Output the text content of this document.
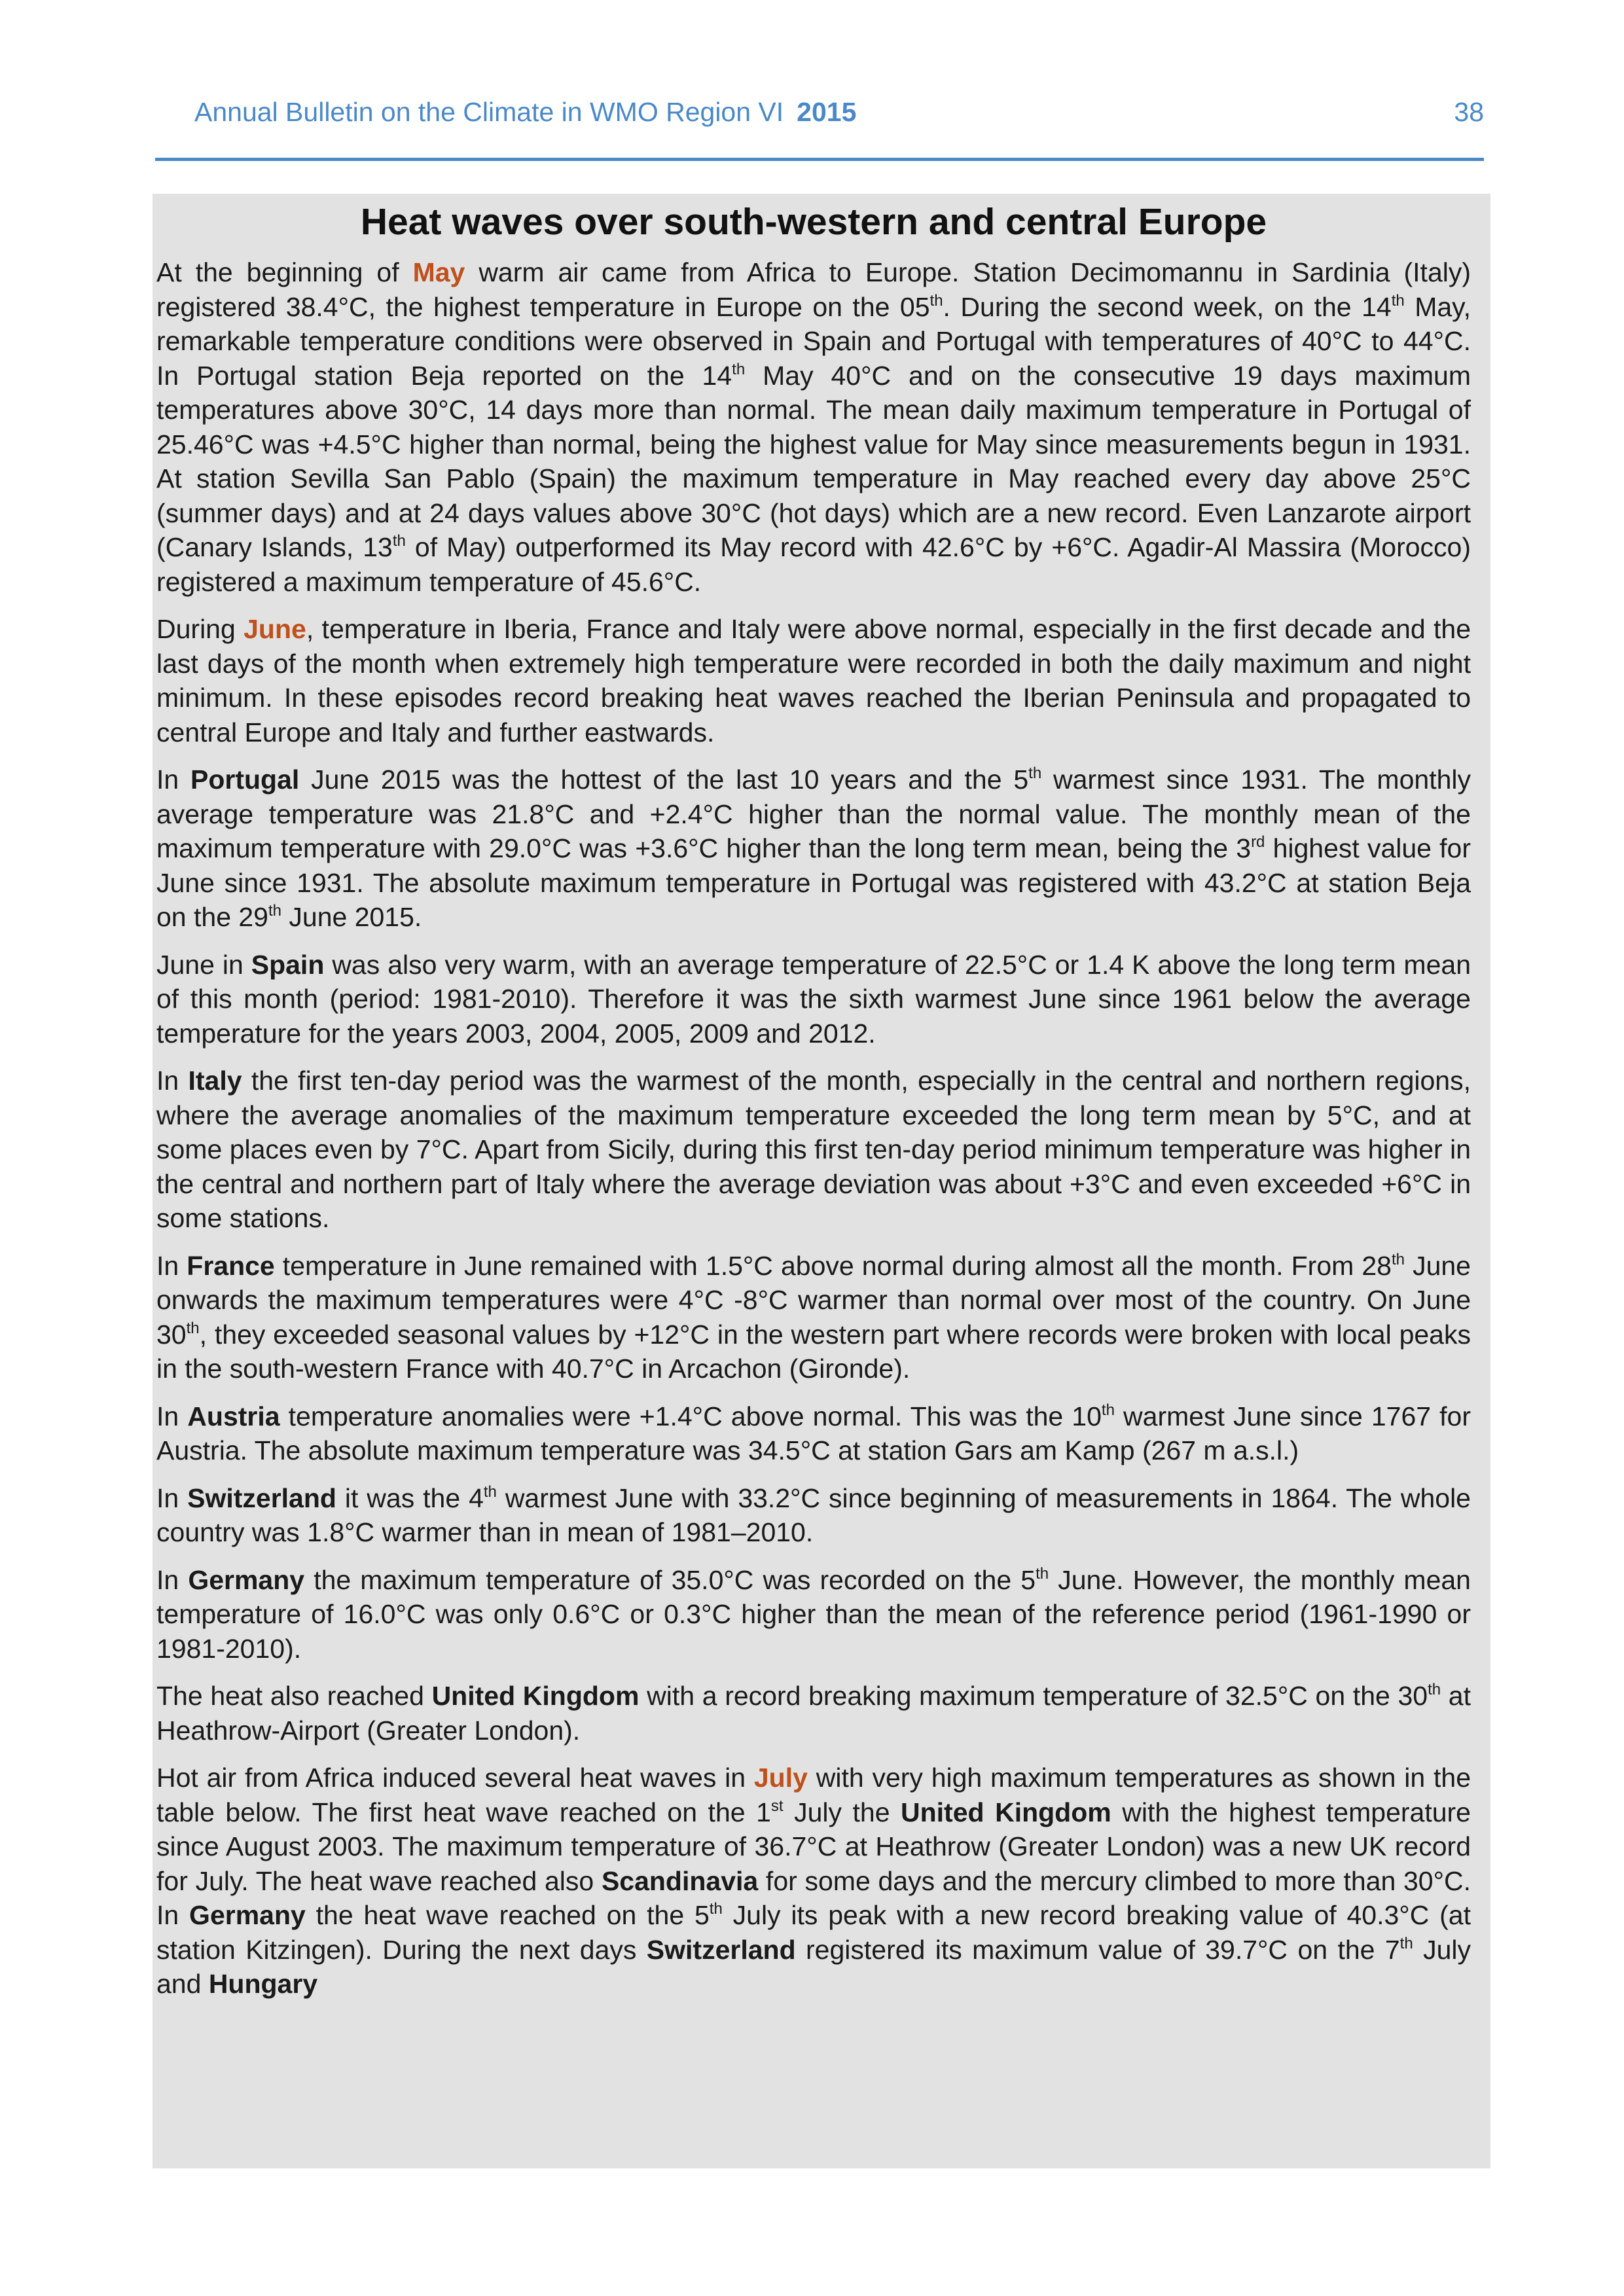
Annual Bulletin on the Climate in WMO Region VI 2015	38
Heat waves over south-western and central Europe

At the beginning of May warm air came from Africa to Europe. Station Decimomannu in Sardinia (Italy) registered 38.4°C, the highest temperature in Europe on the 05th. During the second week, on the 14th May, remarkable temperature conditions were observed in Spain and Portugal with temperatures of 40°C to 44°C. In Portugal station Beja reported on the 14th May 40°C and on the consecutive 19 days maximum temperatures above 30°C, 14 days more than normal. The mean daily maximum temperature in Portugal of 25.46°C was +4.5°C higher than normal, being the highest value for May since measurements begun in 1931. At station Sevilla San Pablo (Spain) the maximum temperature in May reached every day above 25°C (summer days) and at 24 days values above 30°C (hot days) which are a new record. Even Lanzarote airport (Canary Islands, 13th of May) outperformed its May record with 42.6°C by +6°C. Agadir-Al Massira (Morocco) registered a maximum temperature of 45.6°C.

During June, temperature in Iberia, France and Italy were above normal, especially in the first decade and the last days of the month when extremely high temperature were recorded in both the daily maximum and night minimum. In these episodes record breaking heat waves reached the Iberian Peninsula and propagated to central Europe and Italy and further eastwards.

In Portugal June 2015 was the hottest of the last 10 years and the 5th warmest since 1931. The monthly average temperature was 21.8°C and +2.4°C higher than the normal value. The monthly mean of the maximum temperature with 29.0°C was +3.6°C higher than the long term mean, being the 3rd highest value for June since 1931. The absolute maximum temperature in Portugal was registered with 43.2°C at station Beja on the 29th June 2015.

June in Spain was also very warm, with an average temperature of 22.5°C or 1.4 K above the long term mean of this month (period: 1981-2010). Therefore it was the sixth warmest June since 1961 below the average temperature for the years 2003, 2004, 2005, 2009 and 2012.

In Italy the first ten-day period was the warmest of the month, especially in the central and northern regions, where the average anomalies of the maximum temperature exceeded the long term mean by 5°C, and at some places even by 7°C. Apart from Sicily, during this first ten-day period minimum temperature was higher in the central and northern part of Italy where the average deviation was about +3°C and even exceeded +6°C in some stations.

In France temperature in June remained with 1.5°C above normal during almost all the month. From 28th June onwards the maximum temperatures were 4°C -8°C warmer than normal over most of the country. On June 30th, they exceeded seasonal values by +12°C in the western part where records were broken with local peaks in the south-western France with 40.7°C in Arcachon (Gironde).

In Austria temperature anomalies were +1.4°C above normal. This was the 10th warmest June since 1767 for Austria. The absolute maximum temperature was 34.5°C at station Gars am Kamp (267 m a.s.l.)

In Switzerland it was the 4th warmest June with 33.2°C since beginning of measurements in 1864. The whole country was 1.8°C warmer than in mean of 1981–2010.

In Germany the maximum temperature of 35.0°C was recorded on the 5th June. However, the monthly mean temperature of 16.0°C was only 0.6°C or 0.3°C higher than the mean of the reference period (1961-1990 or 1981-2010).

The heat also reached United Kingdom with a record breaking maximum temperature of 32.5°C on the 30th at Heathrow-Airport (Greater London).

Hot air from Africa induced several heat waves in July with very high maximum temperatures as shown in the table below. The first heat wave reached on the 1st July the United Kingdom with the highest temperature since August 2003. The maximum temperature of 36.7°C at Heathrow (Greater London) was a new UK record for July. The heat wave reached also Scandinavia for some days and the mercury climbed to more than 30°C. In Germany the heat wave reached on the 5th July its peak with a new record breaking value of 40.3°C (at station Kitzingen). During the next days Switzerland registered its maximum value of 39.7°C on the 7th July and Hungary
